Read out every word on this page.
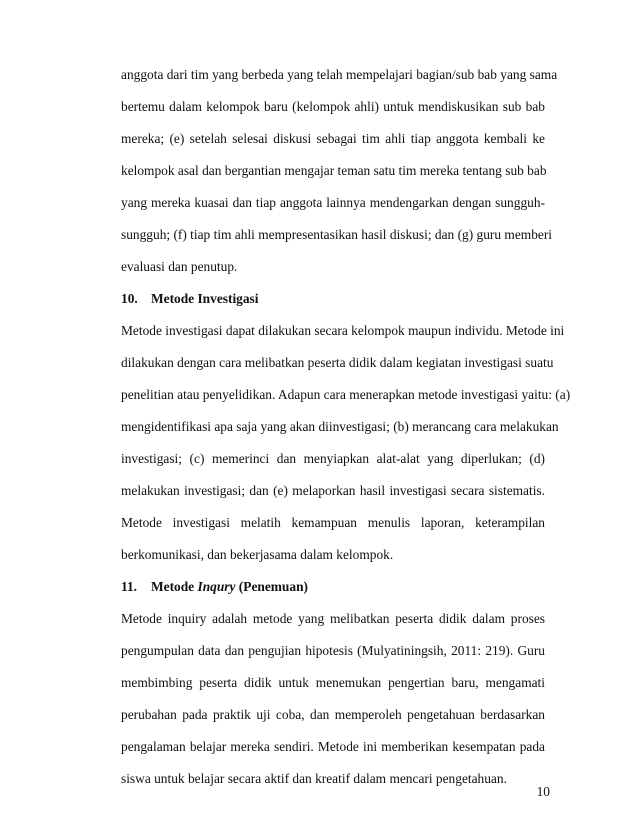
anggota dari tim yang berbeda yang telah mempelajari bagian/sub bab yang sama
bertemu dalam kelompok baru (kelompok ahli) untuk mendiskusikan sub bab
mereka; (e) setelah selesai diskusi sebagai tim ahli tiap anggota kembali ke
kelompok asal dan bergantian mengajar teman satu tim mereka tentang sub bab
yang mereka kuasai dan tiap anggota lainnya mendengarkan dengan sungguh-
sungguh; (f) tiap tim ahli mempresentasikan hasil diskusi; dan (g) guru memberi
evaluasi dan penutup.
10. Metode Investigasi
Metode investigasi dapat dilakukan secara kelompok maupun individu. Metode ini
dilakukan dengan cara melibatkan peserta didik dalam kegiatan investigasi suatu
penelitian atau penyelidikan. Adapun cara menerapkan metode investigasi yaitu: (a)
mengidentifikasi apa saja yang akan diinvestigasi; (b) merancang cara melakukan
investigasi; (c) memerinci dan menyiapkan alat-alat yang diperlukan; (d)
melakukan investigasi; dan (e) melaporkan hasil investigasi secara sistematis.
Metode investigasi melatih kemampuan menulis laporan, keterampilan
berkomunikasi, dan bekerjasama dalam kelompok.
11. Metode Inqury (Penemuan)
Metode inquiry adalah metode yang melibatkan peserta didik dalam proses
pengumpulan data dan pengujian hipotesis (Mulyatiningsih, 2011: 219). Guru
membimbing peserta didik untuk menemukan pengertian baru, mengamati
perubahan pada praktik uji coba, dan memperoleh pengetahuan berdasarkan
pengalaman belajar mereka sendiri. Metode ini memberikan kesempatan pada
siswa untuk belajar secara aktif dan kreatif dalam mencari pengetahuan.
10
